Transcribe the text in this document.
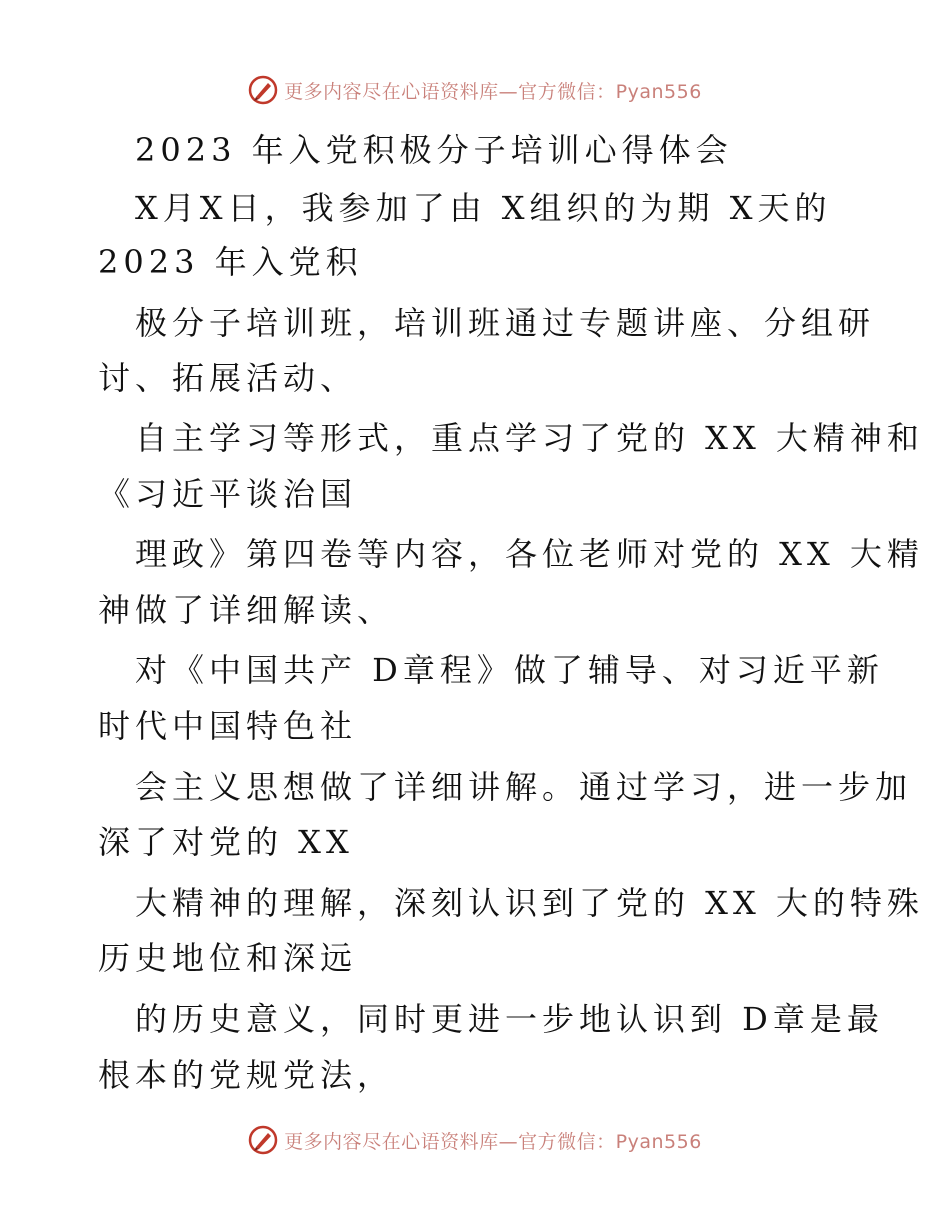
更多内容尽在心语资料库—官方微信：Pyan556
2023 年入党积极分子培训心得体会
X月X日，我参加了由 X组织的为期 X天的
2023 年入党积
极分子培训班，培训班通过专题讲座、分组研
讨、拓展活动、
自主学习等形式，重点学习了党的 XX 大精神和
《习近平谈治国
理政》第四卷等内容，各位老师对党的 XX 大精
神做了详细解读、
对《中国共产 D章程》做了辅导、对习近平新
时代中国特色社
会主义思想做了详细讲解。通过学习，进一步加
深了对党的 XX
大精神的理解，深刻认识到了党的 XX 大的特殊
历史地位和深远
的历史意义，同时更进一步地认识到 D章是最
根本的党规党法，
更多内容尽在心语资料库—官方微信：Pyan556
